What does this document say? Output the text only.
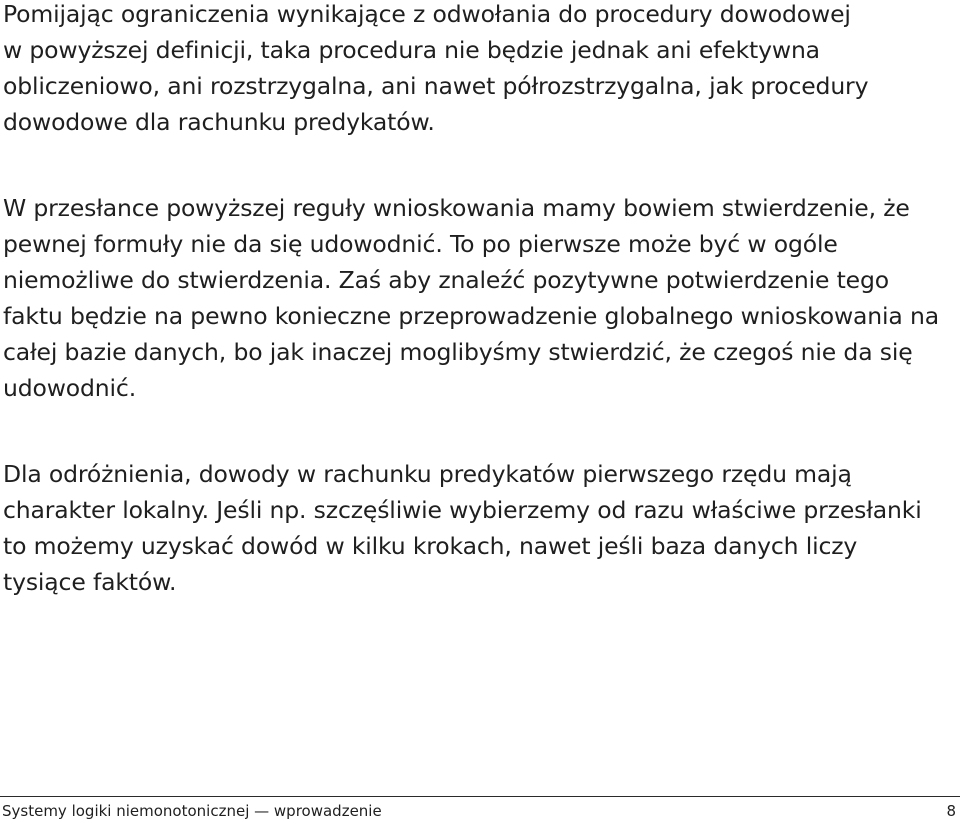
Pomijając ograniczenia wynikające z odwołania do procedury dowodowej
w powyższej definicji, taka procedura nie będzie jednak ani efektywna
obliczeniowo, ani rozstrzygalna, ani nawet półrozstrzygalna, jak procedury
dowodowe dla rachunku predykatów.
W przesłance powyższej reguły wnioskowania mamy bowiem stwierdzenie, że
pewnej formuły nie da się udowodnić. To po pierwsze może być w ogóle
niemożliwe do stwierdzenia. Zaś aby znaleźć pozytywne potwierdzenie tego
faktu będzie na pewno konieczne przeprowadzenie globalnego wnioskowania na
całej bazie danych, bo jak inaczej moglibyśmy stwierdzić, że czegoś nie da się
udowodnić.
Dla odróżnienia, dowody w rachunku predykatów pierwszego rzędu mają
charakter lokalny. Jeśli np. szczęśliwie wybierzemy od razu właściwe przesłanki
to możemy uzyskać dowód w kilku krokach, nawet jeśli baza danych liczy
tysiące faktów.
Systemy logiki niemonotonicznej — wprowadzenie	8
